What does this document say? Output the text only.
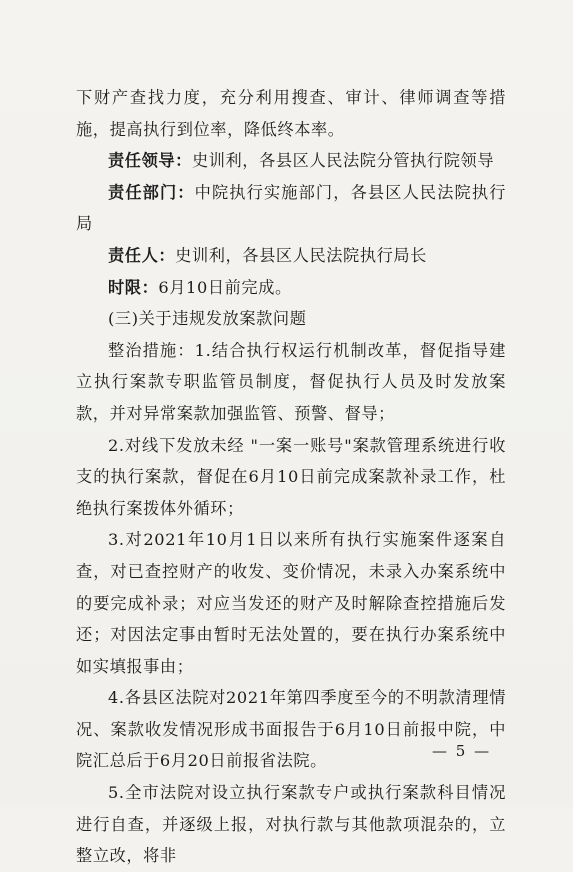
下财产查找力度，充分利用搜查、审计、律师调查等措施，提高执行到位率，降低终本率。

责任领导：史训利，各县区人民法院分管执行院领导

责任部门：中院执行实施部门，各县区人民法院执行局

责任人：史训利，各县区人民法院执行局长

时限：6月10日前完成。

(三)关于违规发放案款问题

整治措施：1.结合执行权运行机制改革，督促指导建立执行案款专职监管员制度，督促执行人员及时发放案款，并对异常案款加强监管、预警、督导；

2.对线下发放未经 "一案一账号"案款管理系统进行收支的执行案款，督促在6月10日前完成案款补录工作，杜绝执行案拨体外循环；

3.对2021年10月1日以来所有执行实施案件逐案自查，对已查控财产的收发、变价情况，未录入办案系统中的要完成补录；对应当发还的财产及时解除查控措施后发还；对因法定事由暂时无法处置的，要在执行办案系统中如实填报事由；

4.各县区法院对2021年第四季度至今的不明款清理情况、案款收发情况形成书面报告于6月10日前报中院，中院汇总后于6月20日前报省法院。

5.全市法院对设立执行案款专户或执行案款科目情况进行自查，并逐级上报，对执行款与其他款项混杂的，立整立改，将非

— 5 —
